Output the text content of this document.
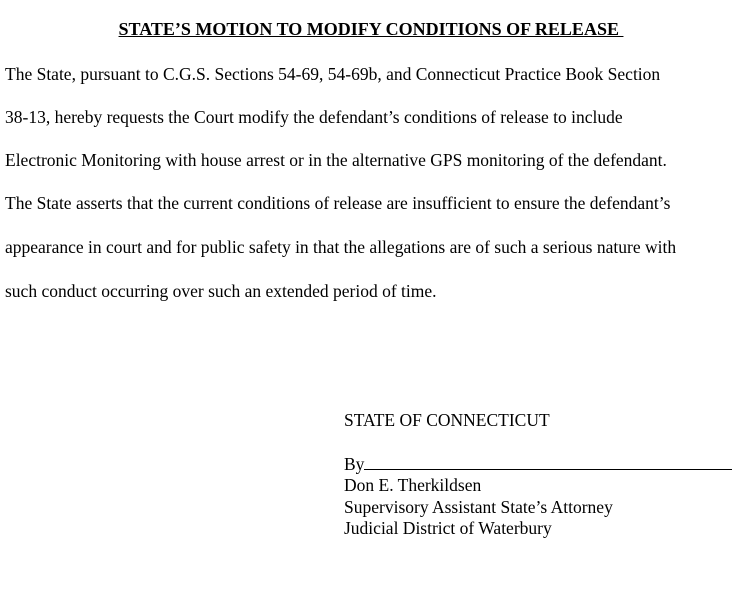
STATE’S MOTION TO MODIFY CONDITIONS OF RELEASE

The State, pursuant to C.G.S. Sections 54-69, 54-69b, and Connecticut Practice Book Section

38-13, hereby requests the Court modify the defendant’s conditions of release to include

Electronic Monitoring with house arrest or in the alternative GPS monitoring of the defendant.

The State asserts that the current conditions of release are insufficient to ensure the defendant’s

appearance in court and for public safety in that the allegations are of such a serious nature with

such conduct occurring over such an extended period of time.

STATE OF CONNECTICUT

By

Don E. Therkildsen

Supervisory Assistant State’s Attorney

Judicial District of Waterbury
